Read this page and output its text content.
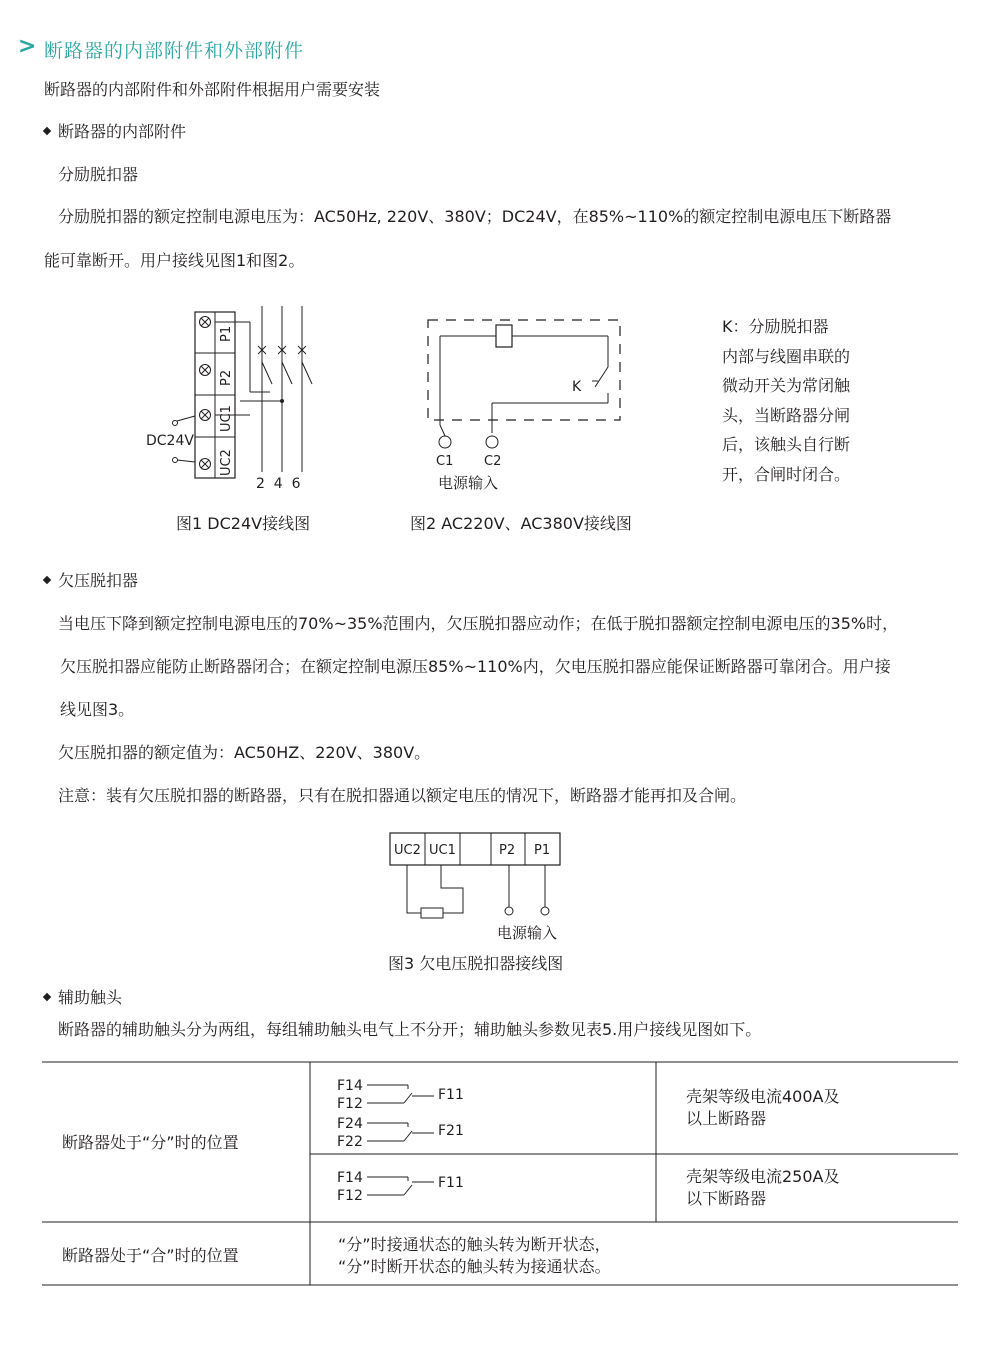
> 断路器的内部附件和外部附件
断路器的内部附件和外部附件根据用户需要安装
断路器的内部附件
分励脱扣器
分励脱扣器的额定控制电源电压为：AC50Hz, 220V、380V；DC24V，在85%~110%的额定控制电源电压下断路器
能可靠断开。用户接线见图1和图2。
P1
P2
UC1
UC2
DC24V
2  4  6
图1 DC24V接线图
K
C1 C2
电源输入
图2 AC220V、AC380V接线图
K：分励脱扣器
内部与线圈串联的
微动开关为常闭触
头，当断路器分闸
后，该触头自行断
开，合闸时闭合。
欠压脱扣器
当电压下降到额定控制电源电压的70%~35%范围内，欠压脱扣器应动作；在低于脱扣器额定控制电源电压的35%时，
欠压脱扣器应能防止断路器闭合；在额定控制电源压85%~110%内，欠电压脱扣器应能保证断路器可靠闭合。用户接
线见图3。
欠压脱扣器的额定值为：AC50HZ、220V、380V。
注意：装有欠压脱扣器的断路器，只有在脱扣器通以额定电压的情况下，断路器才能再扣及合闸。
UC2 UC1	P2 P1
电源输入
图3 欠电压脱扣器接线图
辅助触头
断路器的辅助触头分为两组，每组辅助触头电气上不分开；辅助触头参数见表5.用户接线见图如下。
断路器处于“分”时的位置
断路器处于“合”时的位置
F14
F12
F11
F24
F22
F21
壳架等级电流400A及
以上断路器
F14
F12
F11	壳架等级电流250A及
以下断路器
“分”时接通状态的触头转为断开状态，
“分”时断开状态的触头转为接通状态。
